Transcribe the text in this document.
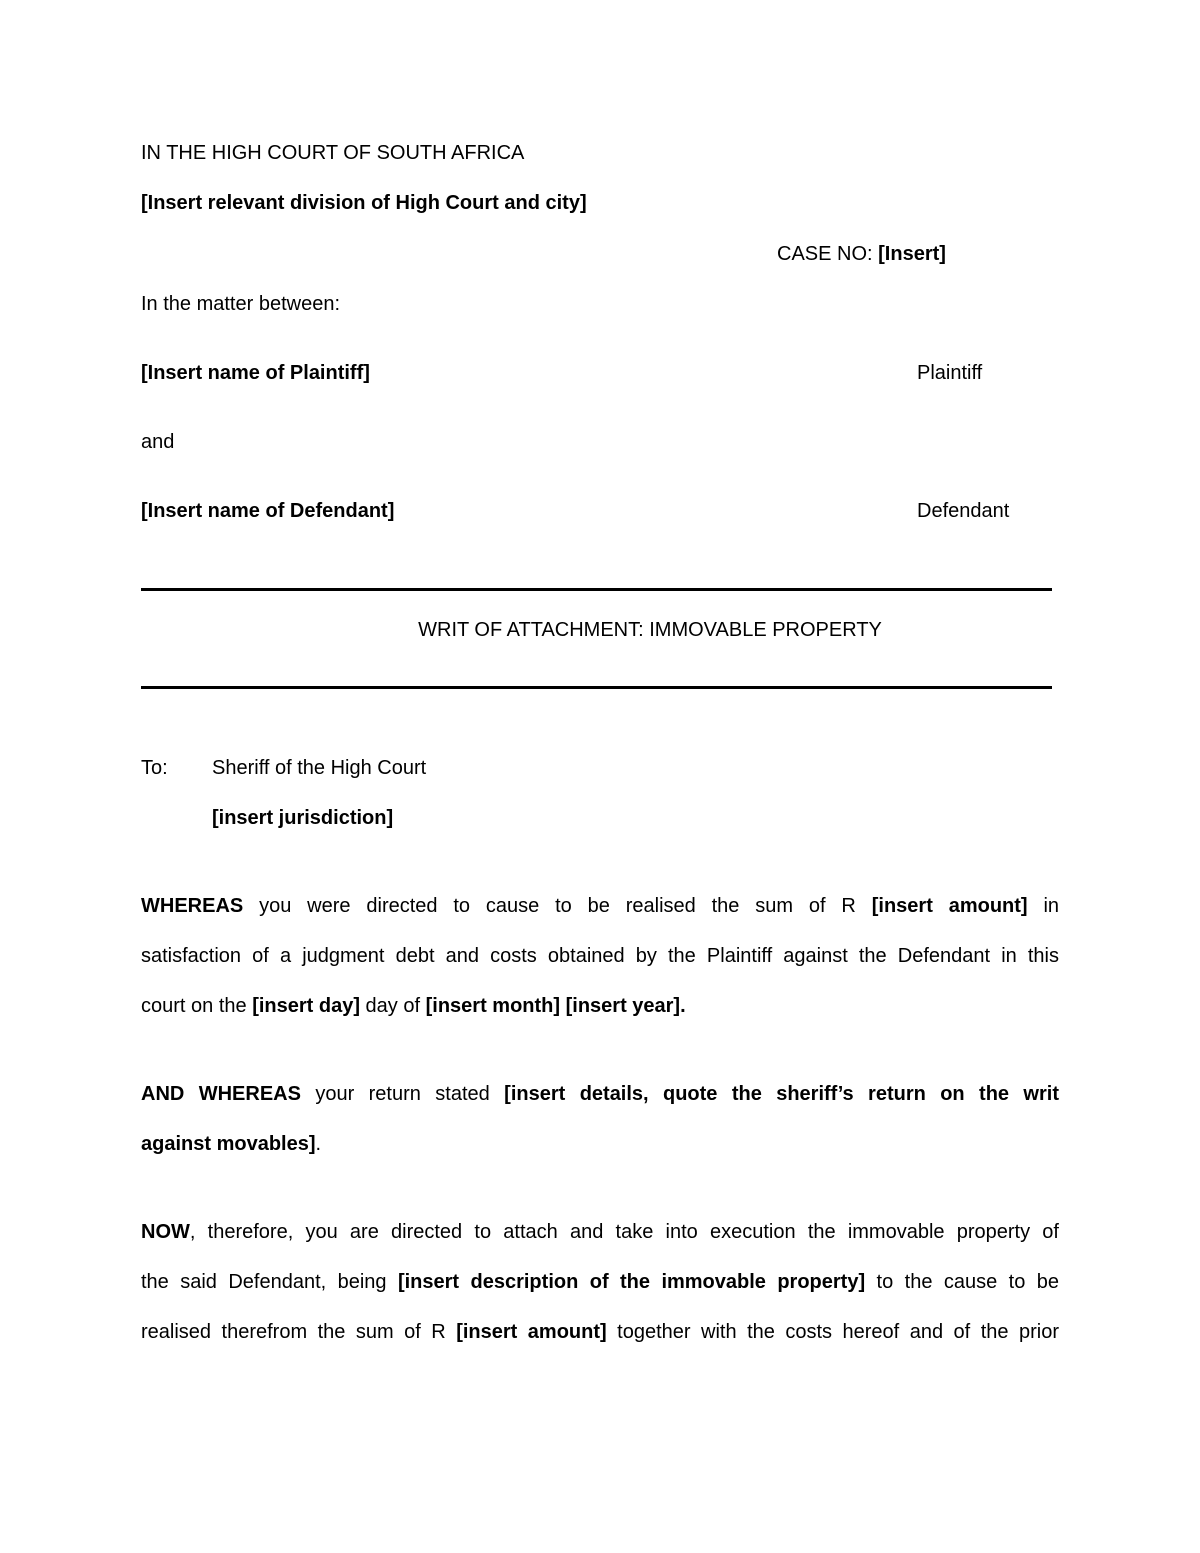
IN THE HIGH COURT OF SOUTH AFRICA
[Insert relevant division of High Court and city]
CASE NO: [Insert]
In the matter between:
[Insert name of Plaintiff]	Plaintiff
and
[Insert name of Defendant]	Defendant
WRIT OF ATTACHMENT: IMMOVABLE PROPERTY
To: Sheriff of the High Court
[insert jurisdiction]
WHEREAS you were directed to cause to be realised the sum of R [insert amount] in
satisfaction of a judgment debt and costs obtained by the Plaintiff against the Defendant in this
court on the [insert day] day of [insert month] [insert year].
AND WHEREAS your return stated [insert details, quote the sheriff’s return on the writ
against movables].
NOW, therefore, you are directed to attach and take into execution the immovable property of
the said Defendant, being [insert description of the immovable property] to the cause to be
realised therefrom the sum of R [insert amount] together with the costs hereof and of the prior
